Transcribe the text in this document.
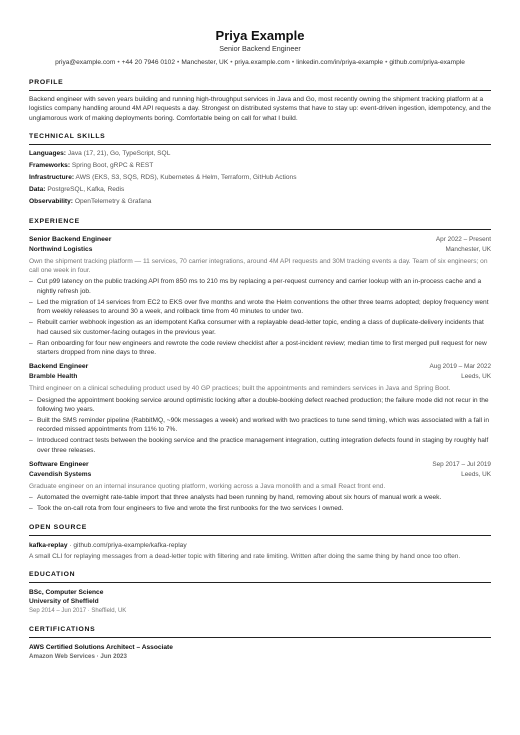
Priya Example
Senior Backend Engineer
priya@example.com • +44 20 7946 0102 • Manchester, UK • priya.example.com • linkedin.com/in/priya-example • github.com/priya-example
PROFILE
Backend engineer with seven years building and running high-throughput services in Java and Go, most recently owning the shipment tracking platform at a logistics company handling around 4M API requests a day. Strongest on distributed systems that have to stay up: event-driven ingestion, idempotency, and the unglamorous work of making deployments boring. Comfortable being on call for what I build.
TECHNICAL SKILLS
Languages: Java (17, 21), Go, TypeScript, SQL
Frameworks: Spring Boot, gRPC & REST
Infrastructure: AWS (EKS, S3, SQS, RDS), Kubernetes & Helm, Terraform, GitHub Actions
Data: PostgreSQL, Kafka, Redis
Observability: OpenTelemetry & Grafana
EXPERIENCE
Senior Backend Engineer	Apr 2022 – Present
Northwind Logistics	Manchester, UK
Own the shipment tracking platform — 11 services, 70 carrier integrations, around 4M API requests and 30M tracking events a day. Team of six engineers; on call one week in four.
– Cut p99 latency on the public tracking API from 850 ms to 210 ms by replacing a per-request currency and carrier lookup with an in-process cache and a nightly refresh job.
– Led the migration of 14 services from EC2 to EKS over five months and wrote the Helm conventions the other three teams adopted; deploy frequency went from weekly releases to around 30 a week, and rollback time from 40 minutes to under two.
– Rebuilt carrier webhook ingestion as an idempotent Kafka consumer with a replayable dead-letter topic, ending a class of duplicate-delivery incidents that had caused six customer-facing outages in the previous year.
– Ran onboarding for four new engineers and rewrote the code review checklist after a post-incident review; median time to first merged pull request for new starters dropped from nine days to three.
Backend Engineer	Aug 2019 – Mar 2022
Bramble Health	Leeds, UK
Third engineer on a clinical scheduling product used by 40 GP practices; built the appointments and reminders services in Java and Spring Boot.
– Designed the appointment booking service around optimistic locking after a double-booking defect reached production; the failure mode did not recur in the following two years.
– Built the SMS reminder pipeline (RabbitMQ, ~90k messages a week) and worked with two practices to tune send timing, which was associated with a fall in recorded missed appointments from 11% to 7%.
– Introduced contract tests between the booking service and the practice management integration, cutting integration defects found in staging by roughly half over three releases.
Software Engineer	Sep 2017 – Jul 2019
Cavendish Systems	Leeds, UK
Graduate engineer on an internal insurance quoting platform, working across a Java monolith and a small React front end.
– Automated the overnight rate-table import that three analysts had been running by hand, removing about six hours of manual work a week.
– Took the on-call rota from four engineers to five and wrote the first runbooks for the two services I owned.
OPEN SOURCE
kafka-replay · github.com/priya-example/kafka-replay
A small CLI for replaying messages from a dead-letter topic with filtering and rate limiting. Written after doing the same thing by hand once too often.
EDUCATION
BSc, Computer Science
University of Sheffield
Sep 2014 – Jun 2017 · Sheffield, UK
CERTIFICATIONS
AWS Certified Solutions Architect – Associate
Amazon Web Services · Jun 2023
